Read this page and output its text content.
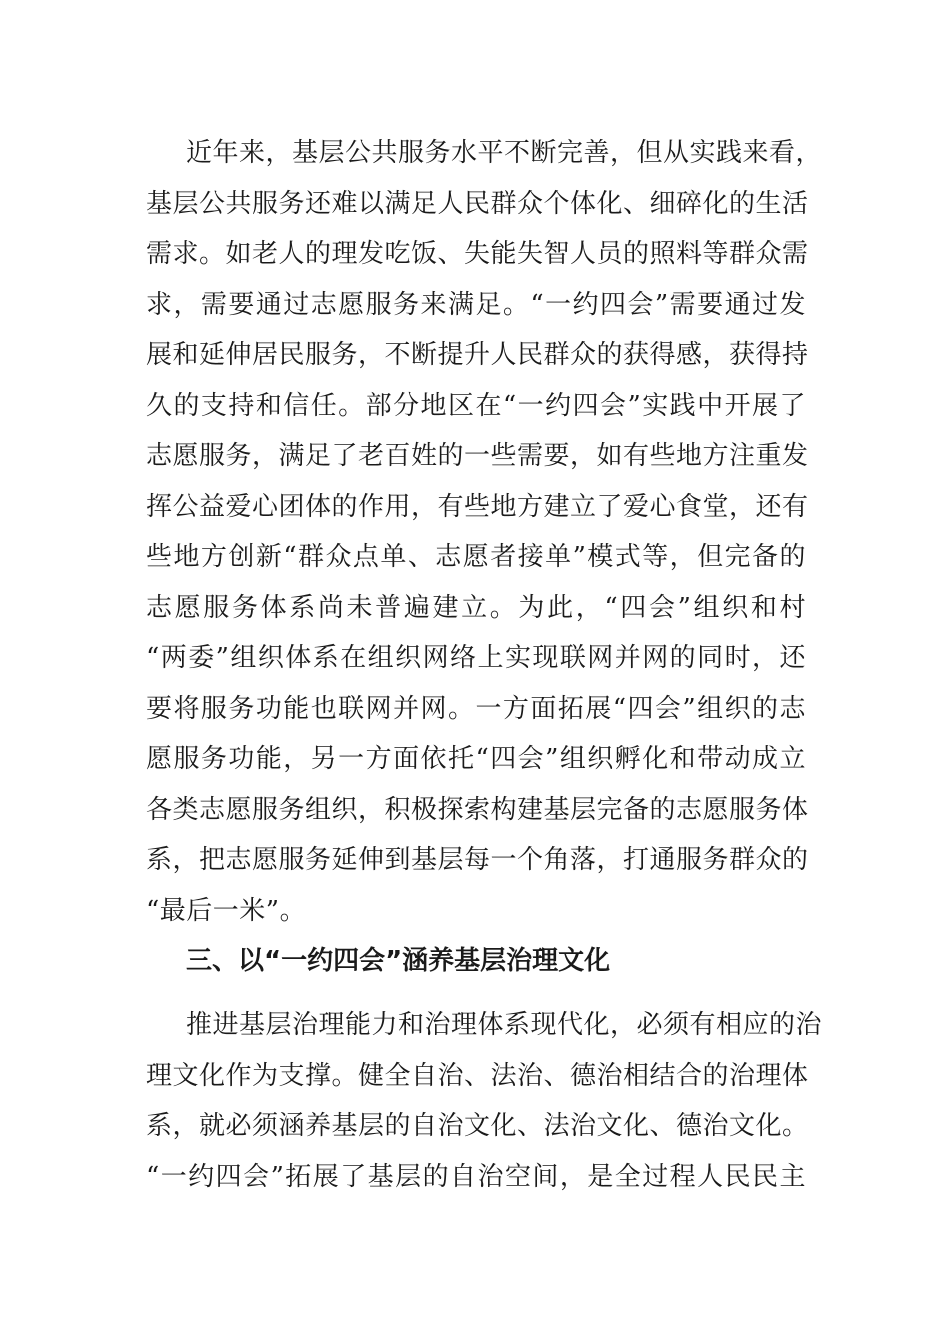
近年来，基层公共服务水平不断完善，但从实践来看，
基层公共服务还难以满足人民群众个体化、细碎化的生活
需求。如老人的理发吃饭、失能失智人员的照料等群众需
求，需要通过志愿服务来满足。“一约四会”需要通过发
展和延伸居民服务，不断提升人民群众的获得感，获得持
久的支持和信任。部分地区在“一约四会”实践中开展了
志愿服务，满足了老百姓的一些需要，如有些地方注重发
挥公益爱心团体的作用，有些地方建立了爱心食堂，还有
些地方创新“群众点单、志愿者接单”模式等，但完备的
志愿服务体系尚未普遍建立。为此，“四会”组织和村
“两委”组织体系在组织网络上实现联网并网的同时，还
要将服务功能也联网并网。一方面拓展“四会”组织的志
愿服务功能，另一方面依托“四会”组织孵化和带动成立
各类志愿服务组织，积极探索构建基层完备的志愿服务体
系，把志愿服务延伸到基层每一个角落，打通服务群众的
“最后一米”。
三、以“一约四会”涵养基层治理文化
推进基层治理能力和治理体系现代化，必须有相应的治
理文化作为支撑。健全自治、法治、德治相结合的治理体
系，就必须涵养基层的自治文化、法治文化、德治文化。
“一约四会”拓展了基层的自治空间，是全过程人民民主
